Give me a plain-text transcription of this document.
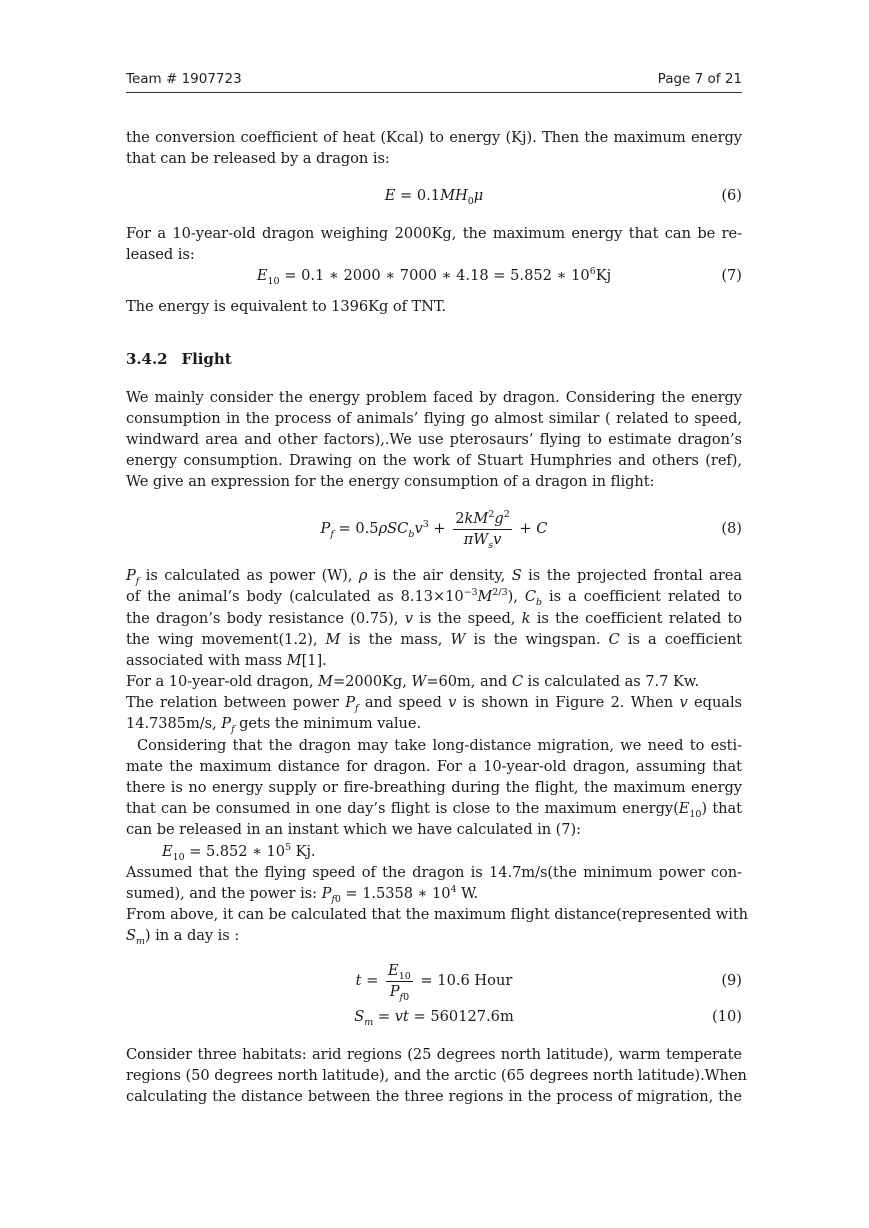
Team # 1907723	Page 7 of 21
the conversion coefficient of heat (Kcal) to energy (Kj). Then the maximum energy
that can be released by a dragon is:
$E = 0.1MH_0\mu$	(6)
For a 10-year-old dragon weighing 2000Kg, the maximum energy that can be re-
leased is:
$E_{10} = 0.1$ ∗ 2000 ∗ 7000 ∗ 4.18 = 5.852 ∗ $10^6Kj$	(7)
The energy is equivalent to 1396Kg of TNT.
3.4.2 Flight
We mainly consider the energy problem faced by dragon. Considering the energy
consumption in the process of animals’ flying go almost similar ( related to speed,
windward area and other factors),.We use pterosaurs’ flying to estimate dragon’s
energy consumption. Drawing on the work of Stuart Humphries and others (ref),
We give an expression for the energy consumption of a dragon in flight:
$P_f = 0.5\rho SC_bv^3 + \frac{2kM^2g^2}{\pi W_sv} + C$	(8)
$P_f$ is calculated as power (W), ρ is the air density, S is the projected frontal area
of the animal’s body (calculated as $8.13\times 10^{-3}M^{2/3}$), $C_b$ is a coefficient related to
the dragon’s body resistance (0.75), v is the speed, k is the coefficient related to
the wing movement(1.2), M is the mass, W is the wingspan. C is a coefficient
associated with mass M[1].
For a 10-year-old dragon, M=2000Kg, W=60m, and C is calculated as 7.7 Kw.
The relation between power $P_f$ and speed v is shown in Figure 2. When v equals
14.7385m/s, $P_f$ gets the minimum value.
Considering that the dragon may take long-distance migration, we need to esti-
mate the maximum distance for dragon. For a 10-year-old dragon, assuming that
there is no energy supply or fire-breathing during the flight, the maximum energy
that can be consumed in one day’s flight is close to the maximum $energy(E_{10})$ that
can be released in an instant which we have calculated in (7):
$E_{10} = 5.852$ ∗ $10^5$ Kj.
Assumed that the flying speed of the dragon is 14.7m/s(the minimum power con-
sumed), and the power is: $P_{f0} = 1.5358$ ∗ $10^4$ W.
From above, it can be calculated that the maximum flight distance(represented with
$S_m$) in a day is :
$t = \frac{E_{10}}{P_{f0}} = 10.6$ Hour	(9)
$S_m$ = vt = 560127.6m	(10)
Consider three habitats: arid regions (25 degrees north latitude), warm temperate
regions (50 degrees north latitude), and the arctic (65 degrees north latitude).When
calculating the distance between the three regions in the process of migration, the
